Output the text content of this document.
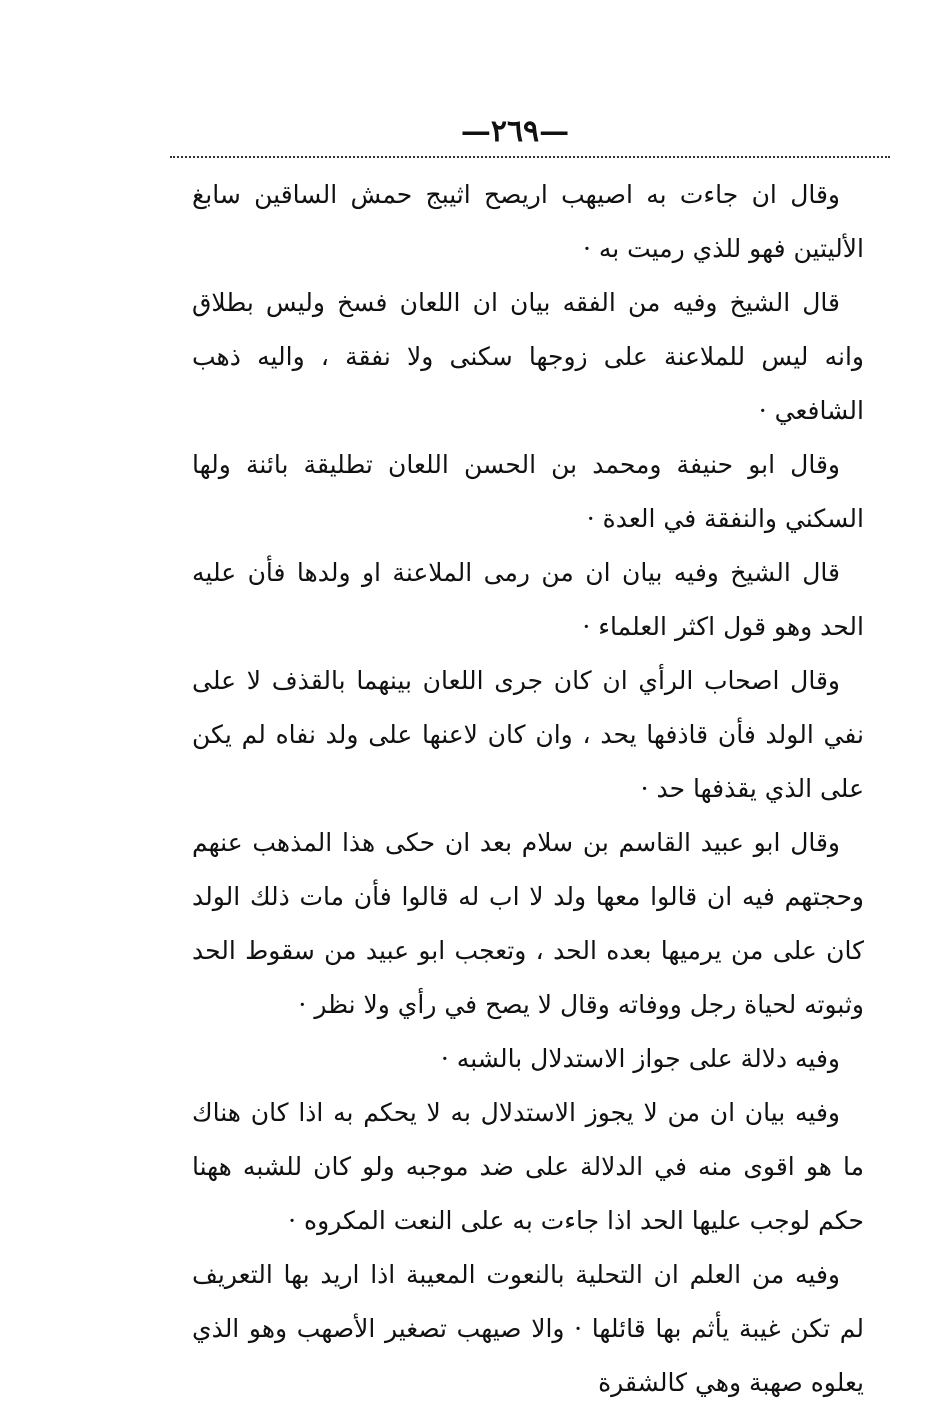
—٢٦٩—

وقال ان جاءت به اصيهب اريصح اثيبج حمش الساقين سابغ الأليتين فهو للذي رميت به ·

قال الشيخ وفيه من الفقه بيان ان اللعان فسخ وليس بطلاق وانه ليس للملاعنة على زوجها سكنى ولا نفقة ، واليه ذهب الشافعي ·

وقال ابو حنيفة ومحمد بن الحسن اللعان تطليقة بائنة ولها السكني والنفقة في العدة ·

قال الشيخ وفيه بيان ان من رمى الملاعنة او ولدها فأن عليه الحد وهو قول اكثر العلماء ·

وقال اصحاب الرأي ان كان جرى اللعان بينهما بالقذف لا على نفي الولد فأن قاذفها يحد ، وان كان لاعنها على ولد نفاه لم يكن على الذي يقذفها حد ·

وقال ابو عبيد القاسم بن سلام بعد ان حكى هذا المذهب عنهم وحجتهم فيه ان قالوا معها ولد لا اب له قالوا فأن مات ذلك الولد كان على من يرميها بعده الحد ، وتعجب ابو عبيد من سقوط الحد وثبوته لحياة رجل ووفاته وقال لا يصح في رأي ولا نظر ·

وفيه دلالة على جواز الاستدلال بالشبه ·

وفيه بيان ان من لا يجوز الاستدلال به لا يحكم به اذا كان هناك ما هو اقوى منه في الدلالة على ضد موجبه ولو كان للشبه ههنا حكم لوجب عليها الحد اذا جاءت به على النعت المكروه ·

وفيه من العلم ان التحلية بالنعوت المعيبة اذا اريد بها التعريف لم تكن غيبة يأثم بها قائلها · والا صيهب تصغير الأصهب وهو الذي يعلوه صهبة وهي كالشقرة
